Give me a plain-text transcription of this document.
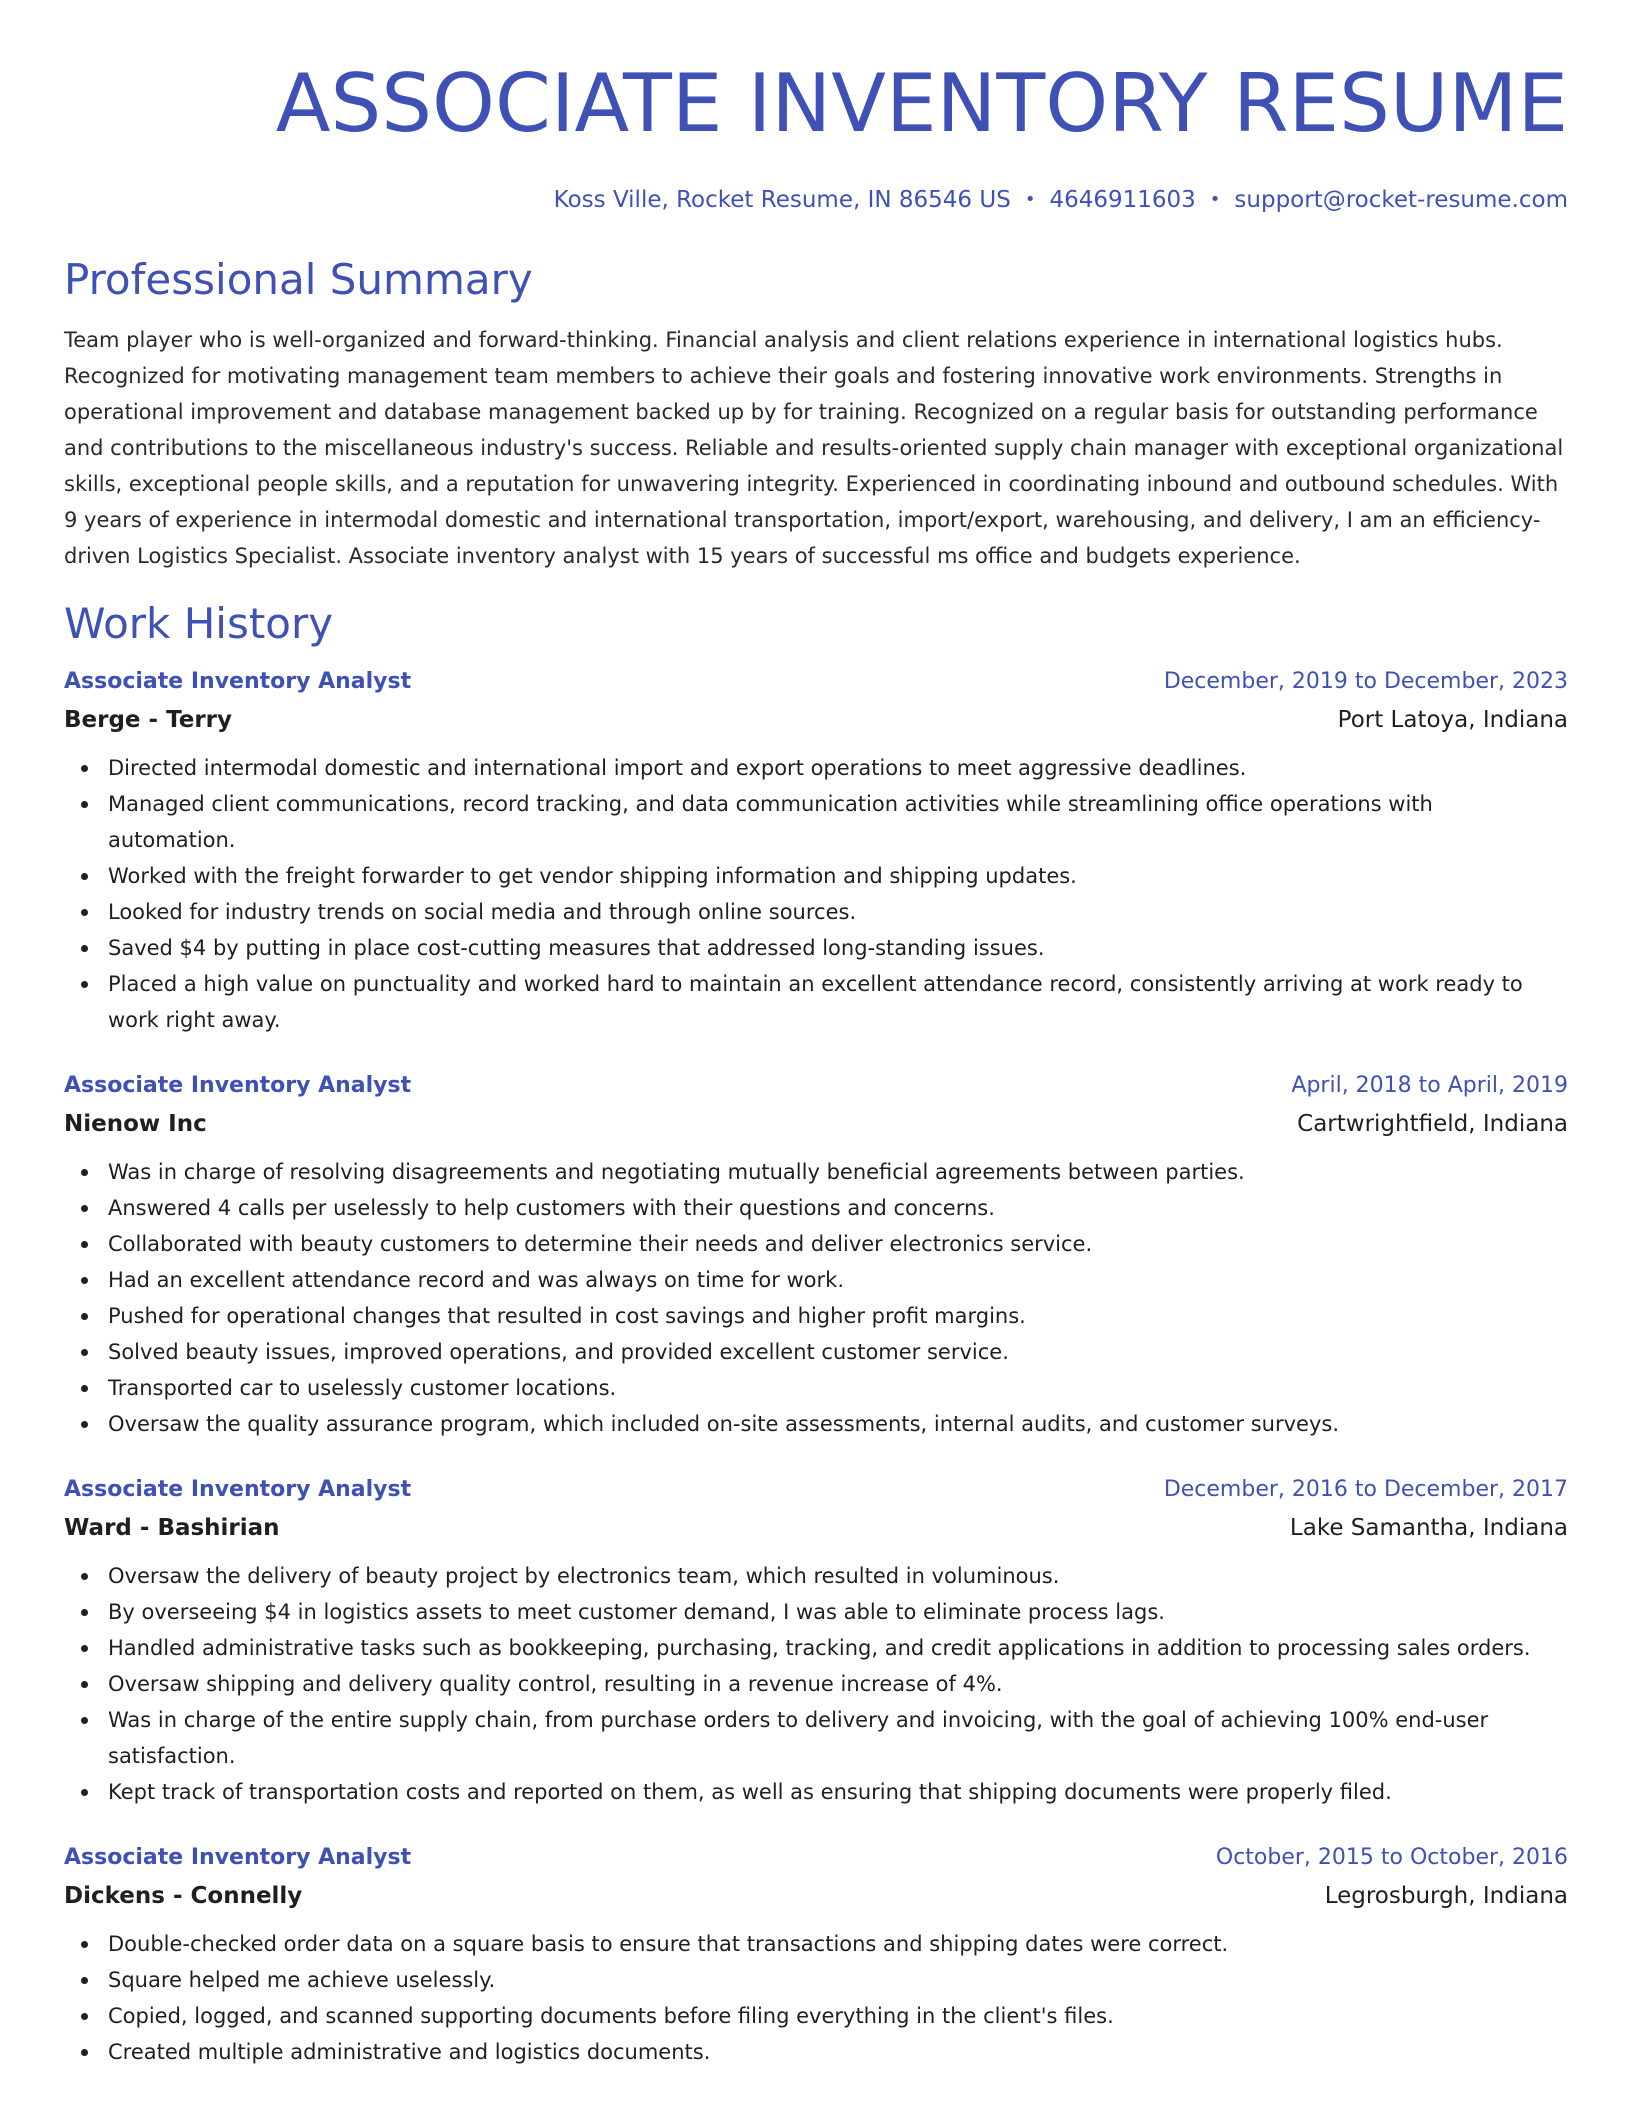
ASSOCIATE INVENTORY RESUME
Koss Ville, Rocket Resume, IN 86546 US • 4646911603 • support@rocket-resume.com
Professional Summary
Team player who is well-organized and forward-thinking. Financial analysis and client relations experience in international logistics hubs. Recognized for motivating management team members to achieve their goals and fostering innovative work environments. Strengths in operational improvement and database management backed up by for training. Recognized on a regular basis for outstanding performance and contributions to the miscellaneous industry's success. Reliable and results-oriented supply chain manager with exceptional organizational skills, exceptional people skills, and a reputation for unwavering integrity. Experienced in coordinating inbound and outbound schedules. With 9 years of experience in intermodal domestic and international transportation, import/export, warehousing, and delivery, I am an efficiency-driven Logistics Specialist. Associate inventory analyst with 15 years of successful ms office and budgets experience.
Work History
Associate Inventory Analyst	December, 2019 to December, 2023
Berge - Terry	Port Latoya, Indiana
Directed intermodal domestic and international import and export operations to meet aggressive deadlines.
Managed client communications, record tracking, and data communication activities while streamlining office operations with automation.
Worked with the freight forwarder to get vendor shipping information and shipping updates.
Looked for industry trends on social media and through online sources.
Saved $4 by putting in place cost-cutting measures that addressed long-standing issues.
Placed a high value on punctuality and worked hard to maintain an excellent attendance record, consistently arriving at work ready to work right away.
Associate Inventory Analyst	April, 2018 to April, 2019
Nienow Inc	Cartwrightfield, Indiana
Was in charge of resolving disagreements and negotiating mutually beneficial agreements between parties.
Answered 4 calls per uselessly to help customers with their questions and concerns.
Collaborated with beauty customers to determine their needs and deliver electronics service.
Had an excellent attendance record and was always on time for work.
Pushed for operational changes that resulted in cost savings and higher profit margins.
Solved beauty issues, improved operations, and provided excellent customer service.
Transported car to uselessly customer locations.
Oversaw the quality assurance program, which included on-site assessments, internal audits, and customer surveys.
Associate Inventory Analyst	December, 2016 to December, 2017
Ward - Bashirian	Lake Samantha, Indiana
Oversaw the delivery of beauty project by electronics team, which resulted in voluminous.
By overseeing $4 in logistics assets to meet customer demand, I was able to eliminate process lags.
Handled administrative tasks such as bookkeeping, purchasing, tracking, and credit applications in addition to processing sales orders.
Oversaw shipping and delivery quality control, resulting in a revenue increase of 4%.
Was in charge of the entire supply chain, from purchase orders to delivery and invoicing, with the goal of achieving 100% end-user satisfaction.
Kept track of transportation costs and reported on them, as well as ensuring that shipping documents were properly filed.
Associate Inventory Analyst	October, 2015 to October, 2016
Dickens - Connelly	Legrosburgh, Indiana
Double-checked order data on a square basis to ensure that transactions and shipping dates were correct.
Square helped me achieve uselessly.
Copied, logged, and scanned supporting documents before filing everything in the client's files.
Created multiple administrative and logistics documents.
